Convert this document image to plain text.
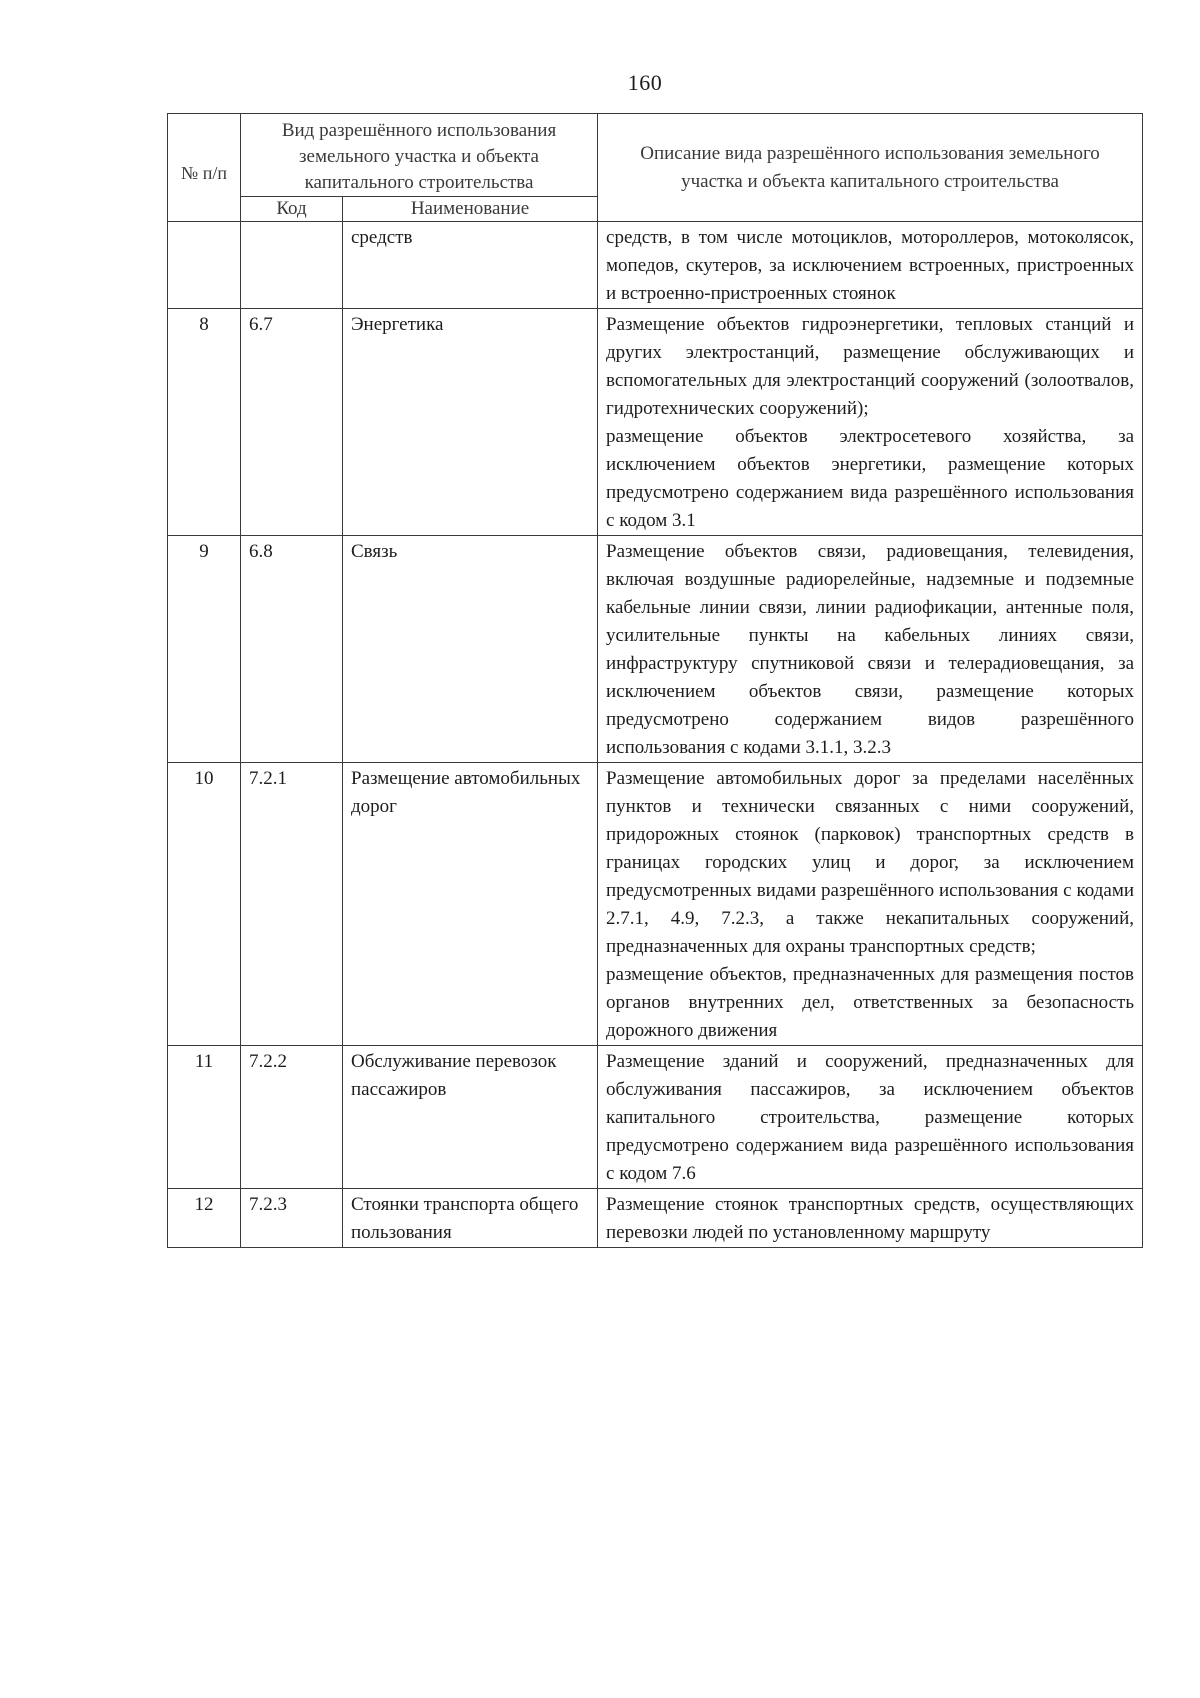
160
№ п/п	Вид разрешённого использования земельного участка и объекта капитального строительства		Описание вида разрешённого использования земельного участка и объекта капитального строительства
	Код	Наименование	
		средств	средств, в том числе мотоциклов, мотороллеров, мотоколясок, мопедов, скутеров, за исключением встроенных, пристроенных и встроенно-пристроенных стоянок

8	6.7	Энергетика	Размещение объектов гидроэнергетики, тепловых станций и других электростанций, размещение обслуживающих и вспомогательных для электростанций сооружений (золоотвалов, гидротехнических сооружений);

размещение объектов электросетевого хозяйства, за исключением объектов энергетики, размещение которых предусмотрено содержанием вида разрешённого использования с кодом 3.1

9	6.8	Связь	Размещение объектов связи, радиовещания, телевидения, включая воздушные радиорелейные, надземные и подземные кабельные линии связи, линии радиофикации, антенные поля, усилительные пункты на кабельных линиях связи, инфраструктуру спутниковой связи и телерадиовещания, за исключением объектов связи, размещение которых предусмотрено содержанием видов разрешённого использования с кодами 3.1.1, 3.2.3

10	7.2.1	Размещение автомобильных дорог	Размещение автомобильных дорог за пределами населённых пунктов и технически связанных с ними сооружений, придорожных стоянок (парковок) транспортных средств в границах городских улиц и дорог, за исключением предусмотренных видами разрешённого использования с кодами 2.7.1, 4.9, 7.2.3, а также некапитальных сооружений, предназначенных для охраны транспортных средств;

размещение объектов, предназначенных для размещения постов органов внутренних дел, ответственных за безопасность дорожного движения

11	7.2.2	Обслуживание перевозок пассажиров	Размещение зданий и сооружений, предназначенных для обслуживания пассажиров, за исключением объектов капитального строительства, размещение которых предусмотрено содержанием вида разрешённого использования с кодом 7.6

12	7.2.3	Стоянки транспорта общего пользования	Размещение стоянок транспортных средств, осуществляющих перевозки людей по установленному маршруту
